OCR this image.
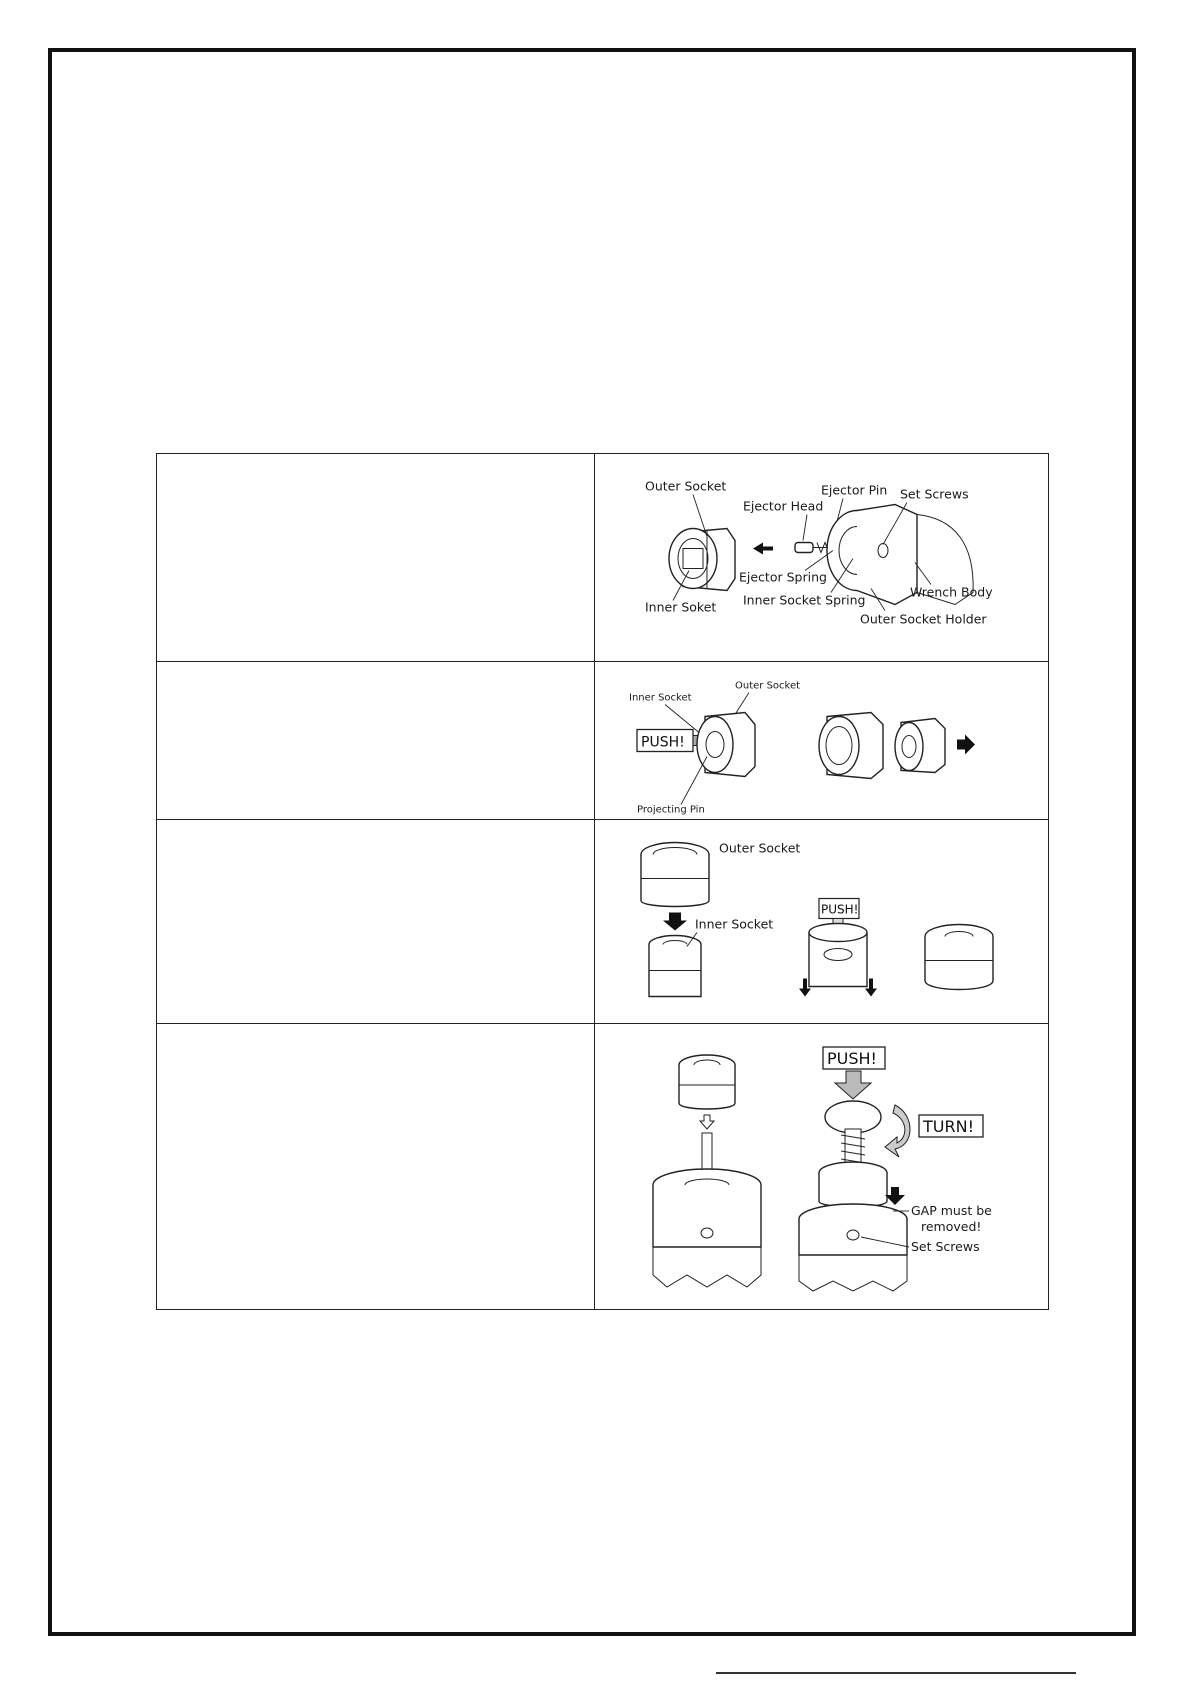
Outer Socket
Inner Soket
Ejector Head
Ejector Pin Set Screws
Ejector Spring
Inner Socket Spring
Wrench Body
Outer Socket Holder
Inner Socket
Outer Socket
PUSH!
Projecting Pin
Outer Socket
Inner Socket
PUSH!
PUSH!
TURN!
GAP must be
removed!
Set Screws
